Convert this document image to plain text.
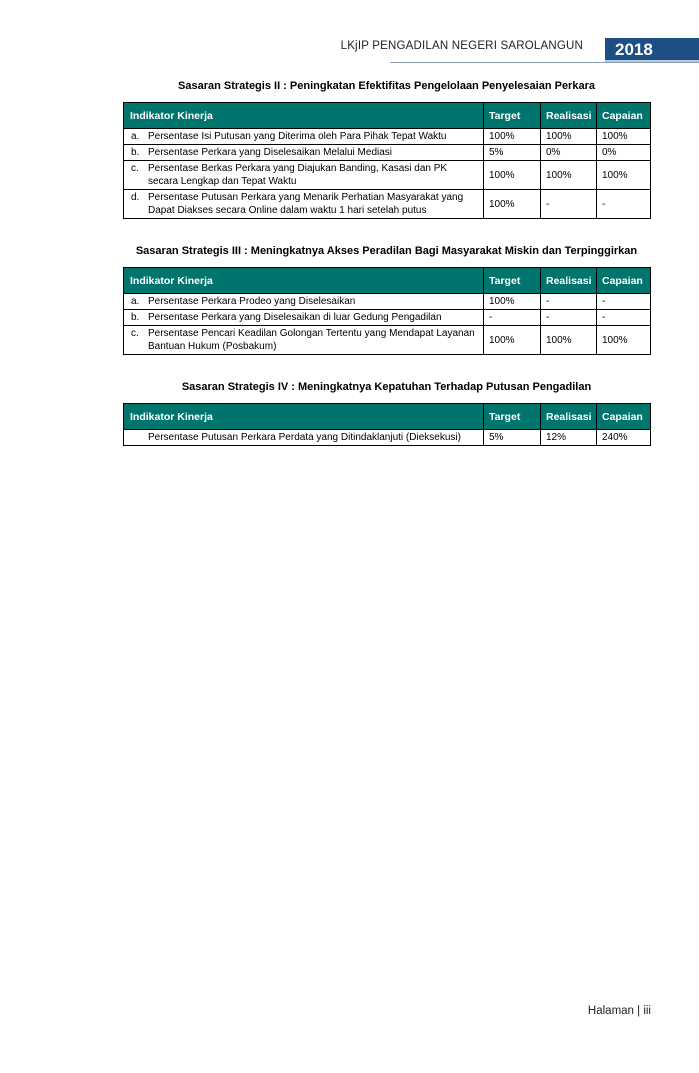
LKjIP PENGADILAN NEGERI SAROLANGUN	2018
Sasaran Strategis II : Peningkatan Efektifitas Pengelolaan Penyelesaian Perkara
Indikator Kinerja	Target	Realisasi	Capaian

a. Persentase Isi Putusan yang Diterima oleh Para Pihak Tepat Waktu	100%	100%	100%

b. Persentase Perkara yang Diselesaikan Melalui Mediasi	5%	0%	0%

c. Persentase Berkas Perkara yang Diajukan Banding, Kasasi dan PK secara Lengkap dan Tepat Waktu	100%	100%	100%

d. Persentase Putusan Perkara yang Menarik Perhatian Masyarakat yang Dapat Diakses secara Online dalam waktu 1 hari setelah putus	100%	-	-
Sasaran Strategis III : Meningkatnya Akses Peradilan Bagi Masyarakat Miskin dan Terpinggirkan
Indikator Kinerja	Target	Realisasi	Capaian

a. Persentase Perkara Prodeo yang Diselesaikan	100%	-	-

b. Persentase Perkara yang Diselesaikan di luar Gedung Pengadilan	-	-	-

c. Persentase Pencari Keadilan Golongan Tertentu yang Mendapat Layanan Bantuan Hukum (Posbakum)	100%	100%	100%
Sasaran Strategis IV : Meningkatnya Kepatuhan Terhadap Putusan Pengadilan
Indikator Kinerja	Target	Realisasi	Capaian

Persentase Putusan Perkara Perdata yang Ditindaklanjuti (Dieksekusi)	5%	12%	240%
Halaman | iii
